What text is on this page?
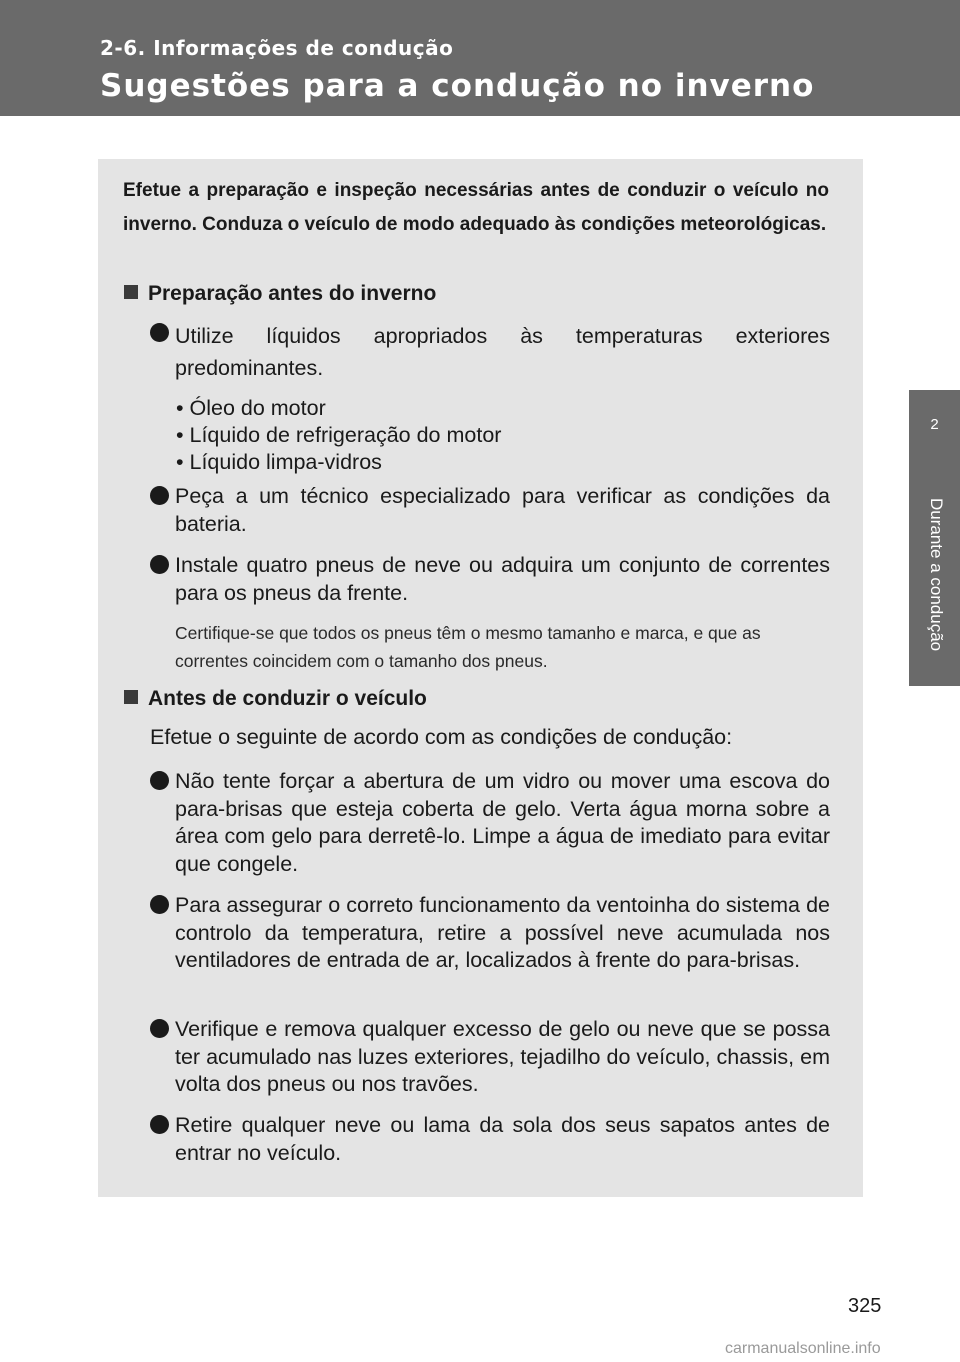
2-6. Informações de condução
Sugestões para a condução no inverno
2
Durante a condução
Efetue a preparação e inspeção necessárias antes de conduzir o veículo no inverno. Conduza o veículo de modo adequado às condições meteorológicas.
Preparação antes do inverno
Utilize líquidos apropriados às temperaturas exteriores predominantes.
• Óleo do motor
• Líquido de refrigeração do motor
• Líquido limpa-vidros
Peça a um técnico especializado para verificar as condições da bateria.
Instale quatro pneus de neve ou adquira um conjunto de correntes para os pneus da frente.
Certifique-se que todos os pneus têm o mesmo tamanho e marca, e que as correntes coincidem com o tamanho dos pneus.
Antes de conduzir o veículo
Efetue o seguinte de acordo com as condições de condução:
Não tente forçar a abertura de um vidro ou mover uma escova do para-brisas que esteja coberta de gelo. Verta água morna sobre a área com gelo para derretê-lo. Limpe a água de imediato para evitar que congele.
Para assegurar o correto funcionamento da ventoinha do sistema de controlo da temperatura, retire a possível neve acumulada nos ventiladores de entrada de ar, localizados à frente do para-brisas.
Verifique e remova qualquer excesso de gelo ou neve que se possa ter acumulado nas luzes exteriores, tejadilho do veículo, chassis, em volta dos pneus ou nos travões.
Retire qualquer neve ou lama da sola dos seus sapatos antes de entrar no veículo.
325
carmanualsonline.info
